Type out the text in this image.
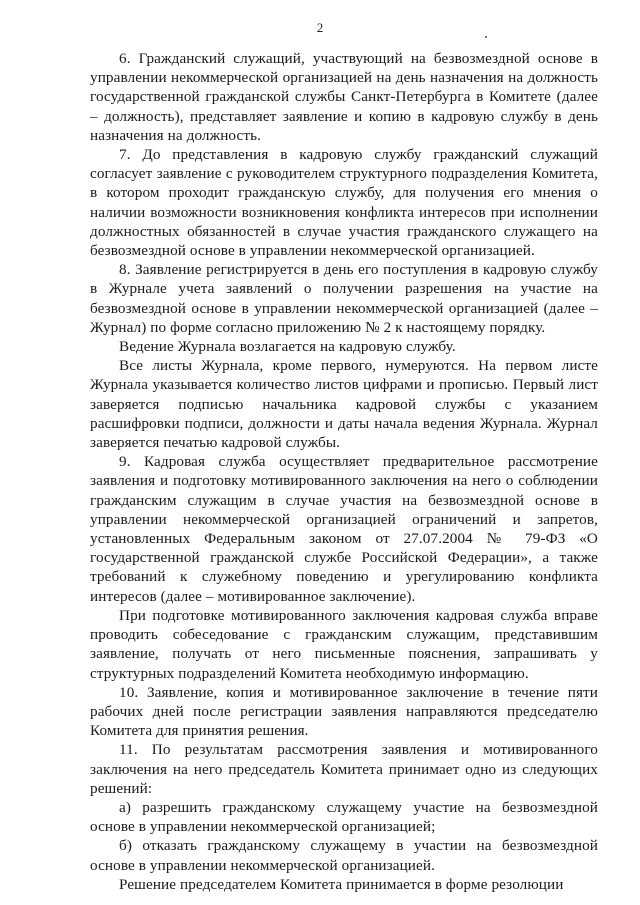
2

6. Гражданский служащий, участвующий на безвозмездной основе в управлении некоммерческой организацией на день назначения на должность государственной гражданской службы Санкт-Петербурга в Комитете (далее – должность), представляет заявление и копию в кадровую службу в день назначения на должность.

7. До представления в кадровую службу гражданский служащий согласует заявление с руководителем структурного подразделения Комитета, в котором проходит гражданскую службу, для получения его мнения о наличии возможности возникновения конфликта интересов при исполнении должностных обязанностей в случае участия гражданского служащего на безвозмездной основе в управлении некоммерческой организацией.

8. Заявление регистрируется в день его поступления в кадровую службу в Журнале учета заявлений о получении разрешения на участие на безвозмездной основе в управлении некоммерческой организацией (далее – Журнал) по форме согласно приложению № 2 к настоящему порядку.

Ведение Журнала возлагается на кадровую службу.

Все листы Журнала, кроме первого, нумеруются. На первом листе Журнала указывается количество листов цифрами и прописью. Первый лист заверяется подписью начальника кадровой службы с указанием расшифровки подписи, должности и даты начала ведения Журнала. Журнал заверяется печатью кадровой службы.

9. Кадровая служба осуществляет предварительное рассмотрение заявления и подготовку мотивированного заключения на него о соблюдении гражданским служащим в случае участия на безвозмездной основе в управлении некоммерческой организацией ограничений и запретов, установленных Федеральным законом от 27.07.2004 № 79-ФЗ «О государственной гражданской службе Российской Федерации», а также требований к служебному поведению и урегулированию конфликта интересов (далее – мотивированное заключение).

При подготовке мотивированного заключения кадровая служба вправе проводить собеседование с гражданским служащим, представившим заявление, получать от него письменные пояснения, запрашивать у структурных подразделений Комитета необходимую информацию.

10. Заявление, копия и мотивированное заключение в течение пяти рабочих дней после регистрации заявления направляются председателю Комитета для принятия решения.

11. По результатам рассмотрения заявления и мотивированного заключения на него председатель Комитета принимает одно из следующих решений:

а) разрешить гражданскому служащему участие на безвозмездной основе в управлении некоммерческой организацией;

б) отказать гражданскому служащему в участии на безвозмездной основе в управлении некоммерческой организацией.

Решение председателем Комитета принимается в форме резолюции
